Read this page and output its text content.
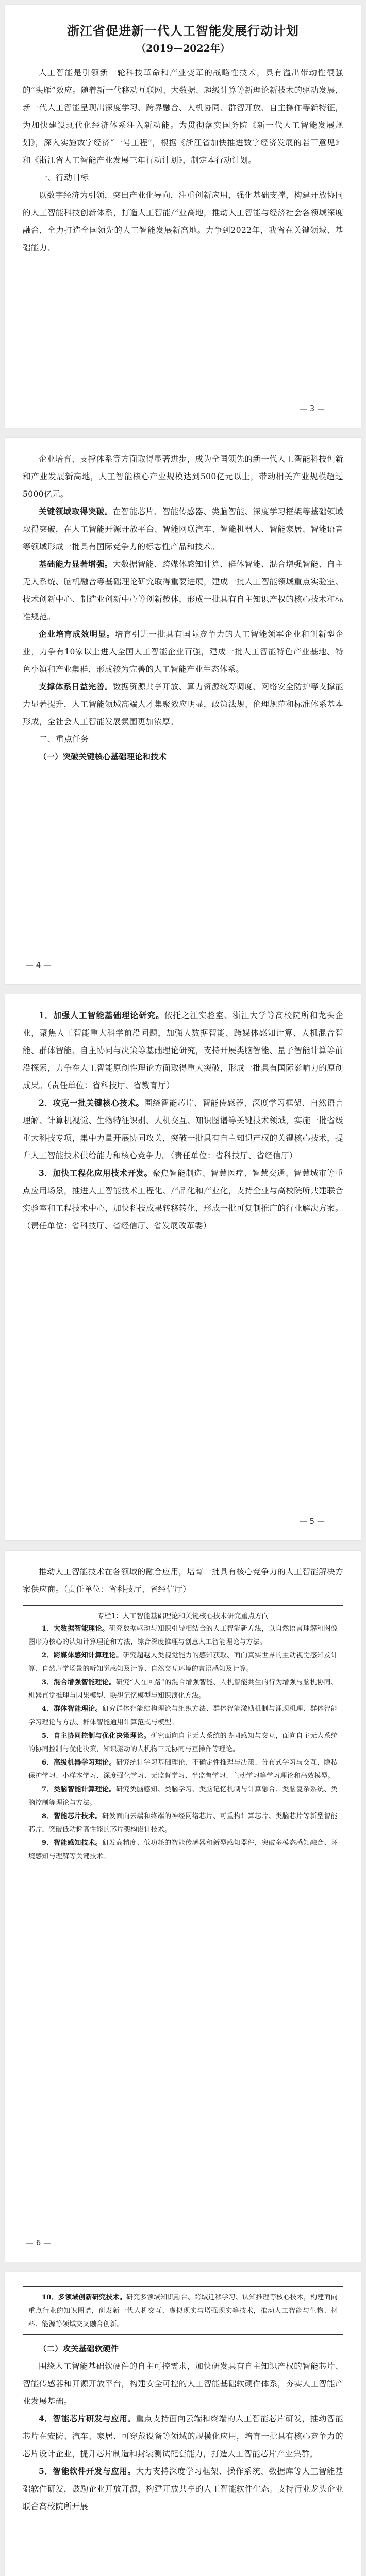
浙江省促进新一代人工智能发展行动计划
（2019—2022年）

人工智能是引领新一轮科技革命和产业变革的战略性技术，具有溢出带动性很强的“头雁”效应。随着新一代移动互联网、大数据、超级计算等新理论新技术的驱动发展，新一代人工智能呈现出深度学习、跨界融合、人机协同、群智开放、自主操作等新特征，为加快建设现代化经济体系注入新动能。为贯彻落实国务院《新一代人工智能发展规划》，深入实施数字经济“一号工程”，根据《浙江省加快推进数字经济发展的若干意见》和《浙江省人工智能产业发展三年行动计划》，制定本行动计划。

一、行动目标

以数字经济为引领，突出产业化导向，注重创新应用，强化基础支撑，构建开放协同的人工智能科技创新体系，打造人工智能产业高地，推动人工智能与经济社会各领域深度融合，全力打造全国领先的人工智能发展新高地。力争到2022年，我省在关键领域、基础能力、

— 3 —

企业培育、支撑体系等方面取得显著进步，成为全国领先的新一代人工智能科技创新和产业发展新高地，人工智能核心产业规模达到500亿元以上，带动相关产业规模超过5000亿元。

关键领域取得突破。在智能芯片、智能传感器、类脑智能、深度学习框架等基础领域取得突破，在人工智能开源开放平台、智能网联汽车、智能机器人、智能家居、智能语音等领域形成一批具有国际竞争力的标志性产品和技术。

基础能力显著增强。大数据智能、跨媒体感知计算、群体智能、混合增强智能、自主无人系统、脑机融合等基础理论研究取得重要进展，建成一批人工智能领域重点实验室、技术创新中心、制造业创新中心等创新载体，形成一批具有自主知识产权的核心技术和标准规范。

企业培育成效明显。培育引进一批具有国际竞争力的人工智能领军企业和创新型企业，力争有10家以上进入全国人工智能企业百强，建成一批人工智能特色产业基地、特色小镇和产业集群，形成较为完善的人工智能产业生态体系。

支撑体系日益完善。数据资源共享开放、算力资源统筹调度、网络安全防护等支撑能力显著提升，人工智能领域高端人才集聚效应明显，政策法规、伦理规范和标准体系基本形成，全社会人工智能发展氛围更加浓厚。

二、重点任务

（一）突破关键核心基础理论和技术

— 4 —

1．加强人工智能基础理论研究。依托之江实验室、浙江大学等高校院所和龙头企业，聚焦人工智能重大科学前沿问题，加强大数据智能、跨媒体感知计算、人机混合智能、群体智能、自主协同与决策等基础理论研究，支持开展类脑智能、量子智能计算等前沿探索，力争在人工智能原创性理论方面取得重大突破，形成一批具有国际影响力的原创成果。（责任单位：省科技厅、省教育厅）

2．攻克一批关键核心技术。围绕智能芯片、智能传感器、深度学习框架、自然语言理解、计算机视觉、生物特征识别、人机交互、知识图谱等关键技术领域，实施一批省级重大科技专项，集中力量开展协同攻关，突破一批具有自主知识产权的关键核心技术，提升人工智能技术供给能力和核心竞争力。（责任单位：省科技厅、省经信厅）

3．加快工程化应用技术开发。聚焦智能制造、智慧医疗、智慧交通、智慧城市等重点应用场景，推进人工智能技术工程化、产品化和产业化，支持企业与高校院所共建联合实验室和工程技术中心，加快科技成果转移转化，形成一批可复制推广的行业解决方案。（责任单位：省科技厅、省经信厅、省发展改革委）

— 5 —

推动人工智能技术在各领域的融合应用，培育一批具有核心竞争力的人工智能解决方案供应商。（责任单位：省科技厅、省经信厅）

专栏1：人工智能基础理论和关键核心技术研究重点方向

1．大数据智能理论。研究数据驱动与知识引导相结合的人工智能新方法，以自然语言理解和图像图形为核心的认知计算理论和方法，综合深度推理与创意人工智能理论与方法。

2．跨媒体感知计算理论。研究超越人类视觉能力的感知获取、面向真实世界的主动视觉感知及计算、自然声学场景的听知觉感知及计算、自然交互环境的言语感知及计算。

3．混合增强智能理论。研究“人在回路”的混合增强智能、人机智能共生的行为增强与脑机协同、机器直觉推理与因果模型、联想记忆模型与知识演化方法。

4．群体智能理论。研究群体智能结构理论与组织方法、群体智能激励机制与涌现机理、群体智能学习理论与方法、群体智能通用计算范式与模型。

5．自主协同控制与优化决策理论。研究面向自主无人系统的协同感知与交互，面向自主无人系统的协同控制与优化决策，知识驱动的人机物三元协同与互操作等理论。

6．高级机器学习理论。研究统计学习基础理论、不确定性推理与决策、分布式学习与交互、隐私保护学习、小样本学习、深度强化学习、无监督学习、半监督学习、主动学习等学习理论和高效模型。

7．类脑智能计算理论。研究类脑感知、类脑学习、类脑记忆机制与计算融合、类脑复杂系统、类脑控制等理论与方法。

8．智能芯片技术。研发面向云端和终端的神经网络芯片、可重构计算芯片、类脑芯片等新型智能芯片，突破低功耗高性能的芯片架构设计技术。

9．智能感知技术。研发高精度、低功耗的智能传感器和新型感知器件，突破多模态感知融合、环境感知与理解等关键技术。

— 6 —

10．多领域创新研究技术。研究多领域知识融合、跨域迁移学习、认知推理等核心技术，构建面向重点行业的知识图谱，研发新一代人机交互、虚拟现实与增强现实等技术，推动人工智能与生物、材料、能源等领域交叉融合创新。

（二）攻关基础软硬件

围绕人工智能基础软硬件的自主可控需求，加快研发具有自主知识产权的智能芯片、智能传感器和开源开放平台，构建安全可控的人工智能基础软硬件体系，夯实人工智能产业发展基础。

4．智能芯片研发与应用。重点支持面向云端和终端的人工智能芯片研发，推动智能芯片在安防、汽车、家居、可穿戴设备等领域的规模化应用，培育一批具有核心竞争力的芯片设计企业，提升芯片制造和封装测试配套能力，打造人工智能芯片产业集群。

5．智能软件开发与应用。大力支持深度学习框架、操作系统、数据库等人工智能基础软件研发，鼓励企业开放开源，构建开放共享的人工智能软件生态。支持行业龙头企业联合高校院所开展
